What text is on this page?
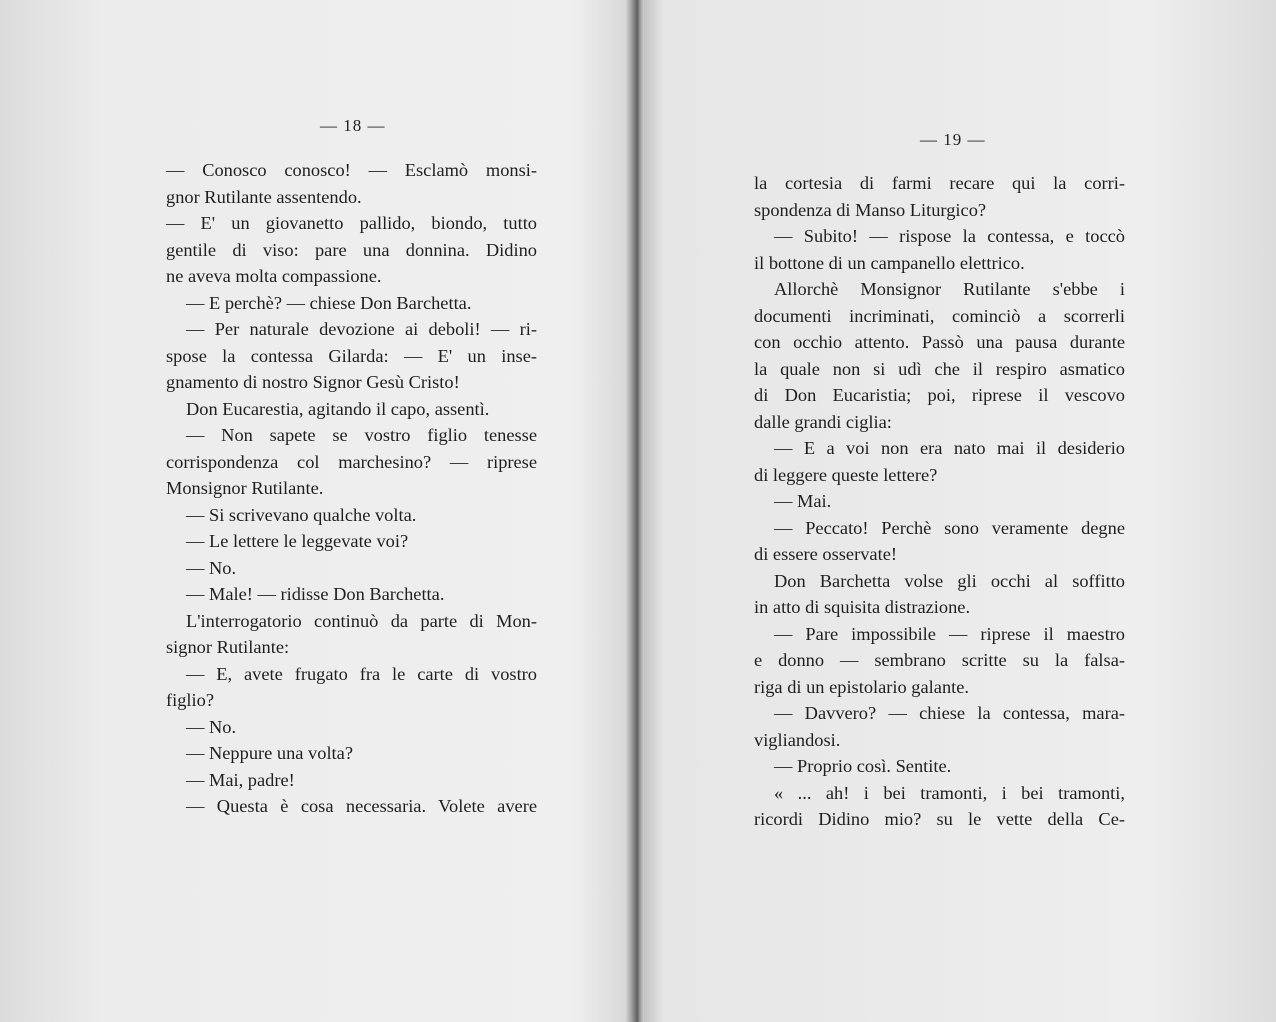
— 18 —
— Conosco conosco! — Esclamò monsi-
gnor Rutilante assentendo.
— E' un giovanetto pallido, biondo, tutto
gentile di viso: pare una donnina. Didino
ne aveva molta compassione.
— E perchè? — chiese Don Barchetta.
— Per naturale devozione ai deboli! — ri-
spose la contessa Gilarda: — E' un inse-
gnamento di nostro Signor Gesù Cristo!
Don Eucarestia, agitando il capo, assentì.
— Non sapete se vostro figlio tenesse
corrispondenza col marchesino? — riprese
Monsignor Rutilante.
— Si scrivevano qualche volta.
— Le lettere le leggevate voi?
— No.
— Male! — ridisse Don Barchetta.
L'interrogatorio continuò da parte di Mon-
signor Rutilante:
— E, avete frugato fra le carte di vostro
figlio?
— No.
— Neppure una volta?
— Mai, padre!
— Questa è cosa necessaria. Volete avere
— 19 —
la cortesia di farmi recare qui la corri-
spondenza di Manso Liturgico?
— Subito! — rispose la contessa, e toccò
il bottone di un campanello elettrico.
Allorchè Monsignor Rutilante s'ebbe i
documenti incriminati, cominciò a scorrerli
con occhio attento. Passò una pausa durante
la quale non si udì che il respiro asmatico
di Don Eucaristia; poi, riprese il vescovo
dalle grandi ciglia:
— E a voi non era nato mai il desiderio
di leggere queste lettere?
— Mai.
— Peccato! Perchè sono veramente degne
di essere osservate!
Don Barchetta volse gli occhi al soffitto
in atto di squisita distrazione.
— Pare impossibile — riprese il maestro
e donno — sembrano scritte su la falsa-
riga di un epistolario galante.
— Davvero? — chiese la contessa, mara-
vigliandosi.
— Proprio così. Sentite.
« ... ah! i bei tramonti, i bei tramonti,
ricordi Didino mio? su le vette della Ce-
